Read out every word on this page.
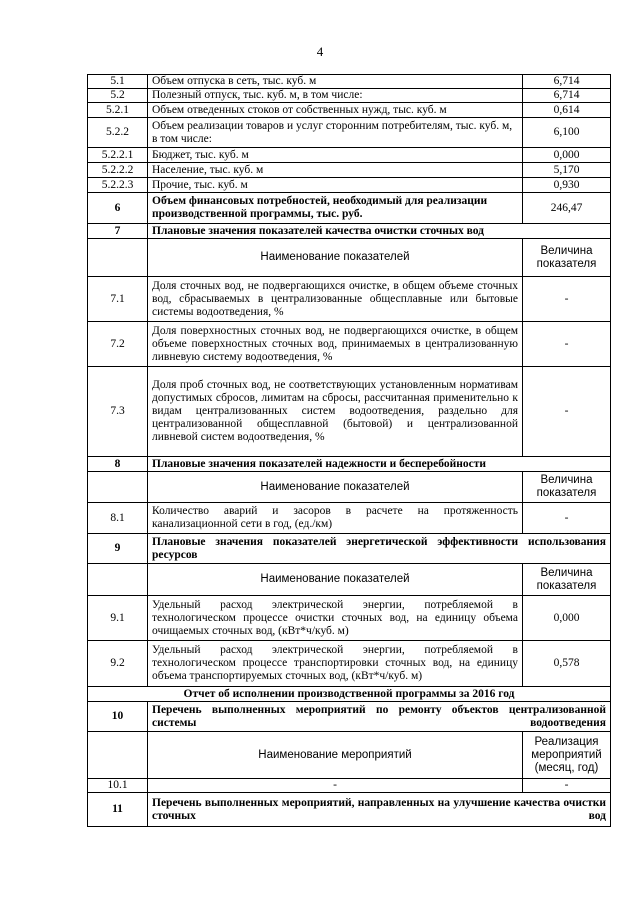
4
5.1	Объем отпуска в сеть, тыс. куб. м	6,714
5.2	Полезный отпуск, тыс. куб. м, в том числе:	6,714
5.2.1	Объем отведенных стоков от собственных нужд, тыс. куб. м	0,614
5.2.2	Объем реализации товаров и услуг сторонним потребителям, тыс. куб. м, в том числе:	6,100
5.2.2.1	Бюджет, тыс. куб. м	0,000
5.2.2.2	Население, тыс. куб. м	5,170
5.2.2.3	Прочие, тыс. куб. м	0,930
6	Объем финансовых потребностей, необходимый для реализации производственной программы, тыс. руб.	246,47
7	Плановые значения показателей качества очистки сточных вод	
	Наименование показателей	Величина показателя
7.1	Доля сточных вод, не подвергающихся очистке, в общем объеме сточных вод, сбрасываемых в централизованные общесплавные или бытовые системы водоотведения, %	-
7.2	Доля поверхностных сточных вод, не подвергающихся очистке, в общем объеме поверхностных сточных вод, принимаемых в централизованную ливневую систему водоотведения, %	-
7.3	Доля проб сточных вод, не соответствующих установленным нормативам допустимых сбросов, лимитам на сбросы, рассчитанная применительно к видам централизованных систем водоотведения, раздельно для централизованной общесплавной (бытовой) и централизованной ливневой систем водоотведения, %	-
8	Плановые значения показателей надежности и бесперебойности	
	Наименование показателей	Величина показателя
8.1	Количество аварий и засоров в расчете на протяженность канализационной сети в год, (ед./км)	-
9	Плановые значения показателей энергетической эффективности использования ресурсов	
	Наименование показателей	Величина показателя
9.1	Удельный расход электрической энергии, потребляемой в технологическом процессе очистки сточных вод, на единицу объема очищаемых сточных вод, (кВт*ч/куб. м)	0,000
9.2	Удельный расход электрической энергии, потребляемой в технологическом процессе транспортировки сточных вод, на единицу объема транспортируемых сточных вод, (кВт*ч/куб. м)	0,578
Отчет об исполнении производственной программы за 2016 год		
10	Перечень выполненных мероприятий по ремонту объектов централизованной системы водоотведения	
	Наименование мероприятий	Реализация мероприятий (месяц, год)
10.1	-	-
11	Перечень выполненных мероприятий, направленных на улучшение качества очистки сточных вод	
